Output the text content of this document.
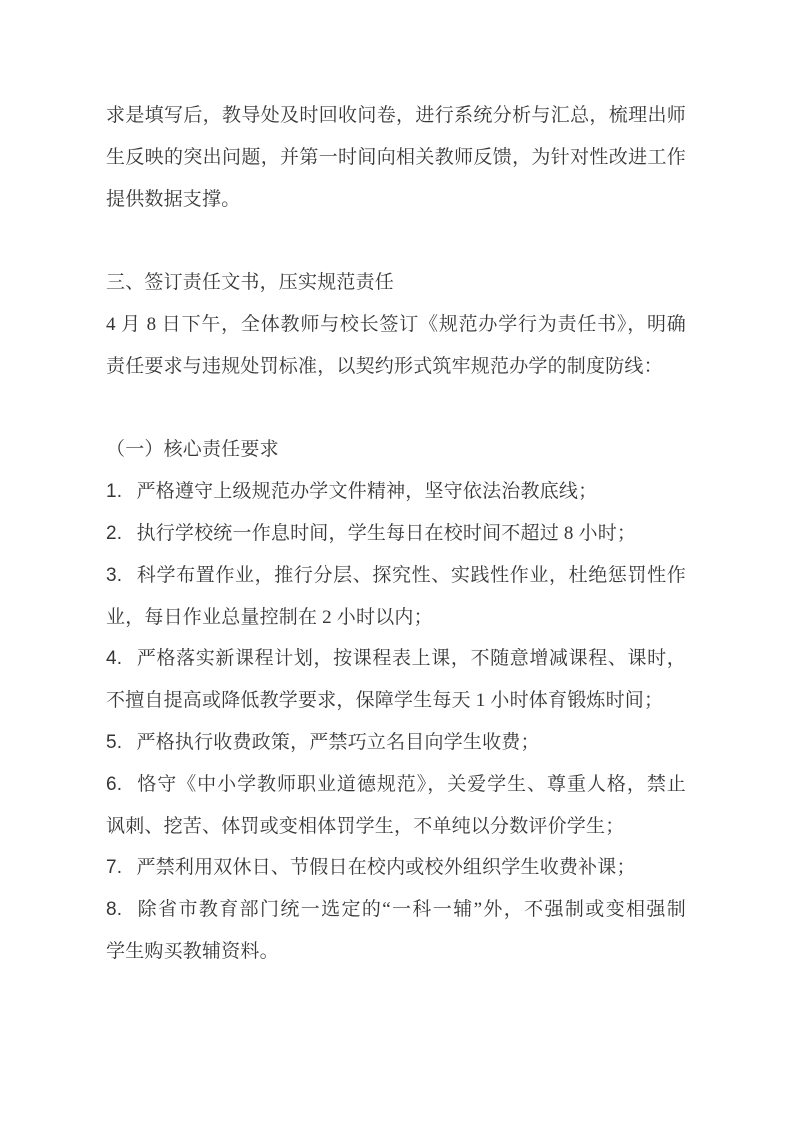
求是填写后，教导处及时回收问卷，进行系统分析与汇总，梳理出师
生反映的突出问题，并第一时间向相关教师反馈，为针对性改进工作
提供数据支撑。
三、签订责任文书，压实规范责任
4 月 8 日下午，全体教师与校长签订《规范办学行为责任书》，明确
责任要求与违规处罚标准，以契约形式筑牢规范办学的制度防线：
（一）核心责任要求
1. 严格遵守上级规范办学文件精神，坚守依法治教底线；
2. 执行学校统一作息时间，学生每日在校时间不超过 8 小时；
3. 科学布置作业，推行分层、探究性、实践性作业，杜绝惩罚性作
业，每日作业总量控制在 2 小时以内；
4. 严格落实新课程计划，按课程表上课，不随意增减课程、课时，
不擅自提高或降低教学要求，保障学生每天 1 小时体育锻炼时间；
5. 严格执行收费政策，严禁巧立名目向学生收费；
6. 恪守《中小学教师职业道德规范》，关爱学生、尊重人格，禁止
讽刺、挖苦、体罚或变相体罚学生，不单纯以分数评价学生；
7. 严禁利用双休日、节假日在校内或校外组织学生收费补课；
8. 除省市教育部门统一选定的“一科一辅”外，不强制或变相强制
学生购买教辅资料。
